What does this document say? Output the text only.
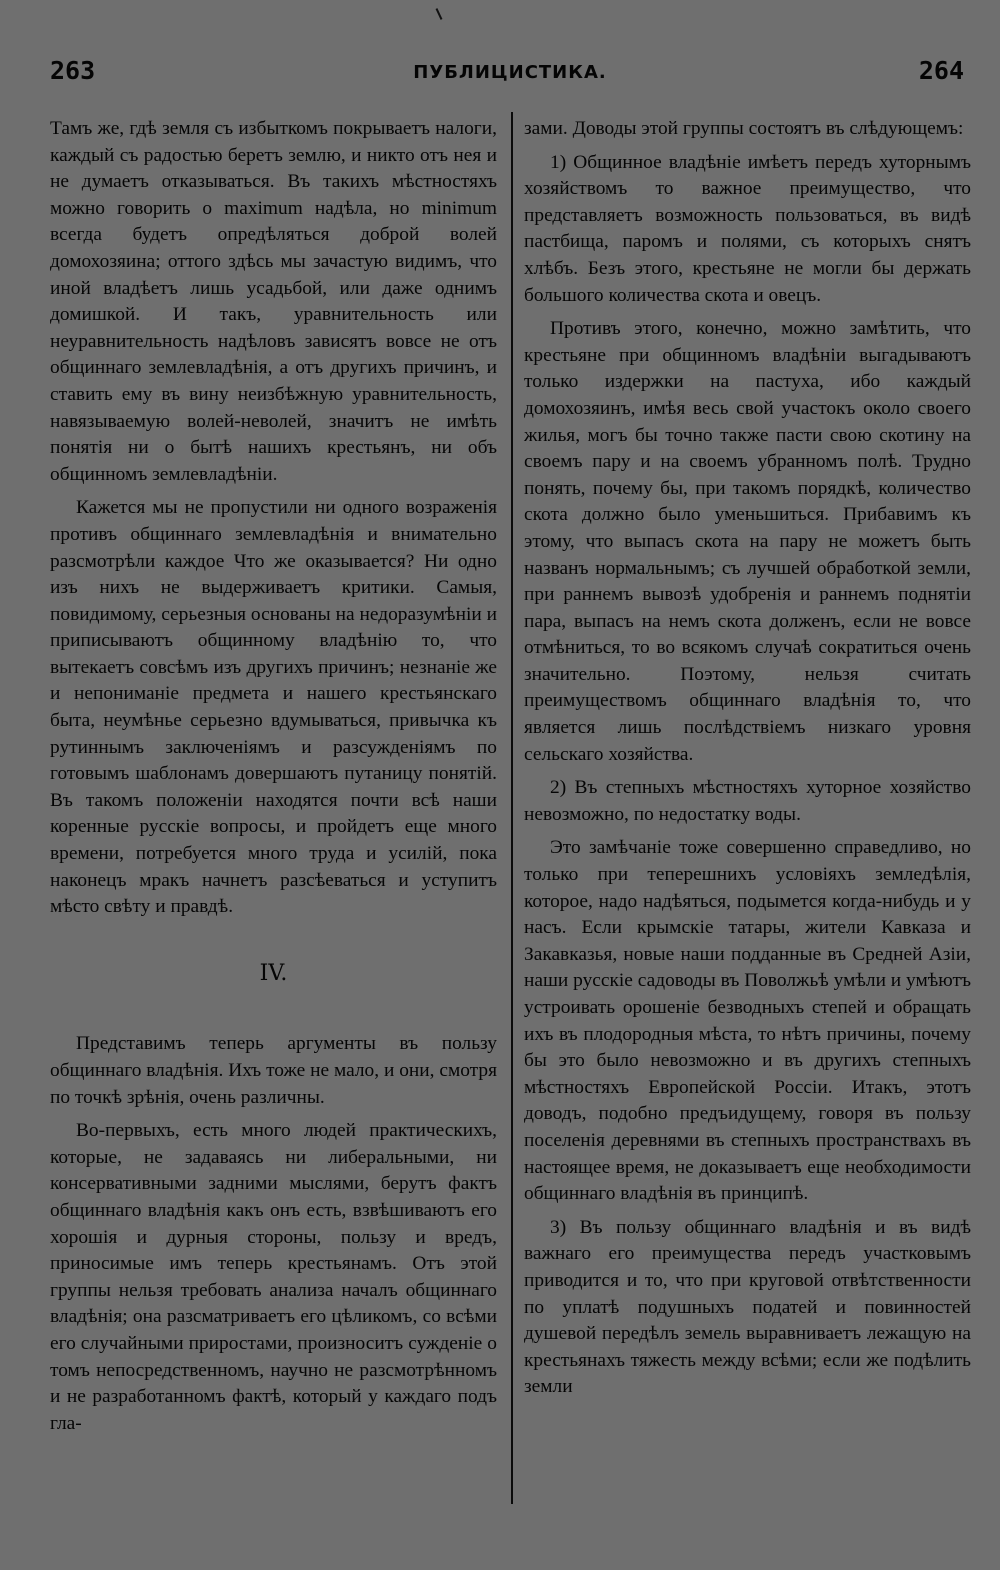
263	ПУБЛИЦИСТИКА.	264

Тамъ же, гдѣ земля съ избыткомъ покрываетъ налоги, каждый съ радостью беретъ землю, и никто отъ нея и не думаетъ отказываться. Въ такихъ мѣстностяхъ можно говорить о maximum надѣла, но minimum всегда будетъ опредѣляться доброй волей домохозяина; оттого здѣсь мы зачастую видимъ, что иной владѣетъ лишь усадьбой, или даже однимъ домишкой. И такъ, уравнительность или неуравнительность надѣловъ зависятъ вовсе не отъ общиннаго землевладѣнія, а отъ другихъ причинъ, и ставить ему въ вину неизбѣжную уравнительность, навязываемую волей-неволей, значитъ не имѣть понятія ни о бытѣ нашихъ крестьянъ, ни объ общинномъ землевладѣніи.

Кажется мы не пропустили ни одного возраженія противъ общиннаго землевладѣнія и внимательно разсмотрѣли каждое Что же оказывается? Ни одно изъ нихъ не выдерживаетъ критики. Самыя, повидимому, серьезныя основаны на недоразумѣніи и приписываютъ общинному владѣнію то, что вытекаетъ совсѣмъ изъ другихъ причинъ; незнаніе же и непониманіе предмета и нашего крестьянскаго быта, неумѣнье серьезно вдумываться, привычка къ рутиннымъ заключеніямъ и разсужденіямъ по готовымъ шаблонамъ довершаютъ путаницу понятій. Въ такомъ положеніи находятся почти всѣ наши коренные русскіе вопросы, и пройдетъ еще много времени, потребуется много труда и усилій, пока наконецъ мракъ начнетъ разсѣеваться и уступитъ мѣсто свѣту и правдѣ.

IV.

Представимъ теперь аргументы въ пользу общиннаго владѣнія. Ихъ тоже не мало, и они, смотря по точкѣ зрѣнія, очень различны.

Во-первыхъ, есть много людей практическихъ, которые, не задаваясь ни либеральными, ни консервативными задними мыслями, берутъ фактъ общиннаго владѣнія какъ онъ есть, взвѣшиваютъ его хорошія и дурныя стороны, пользу и вредъ, приносимые имъ теперь крестьянамъ. Отъ этой группы нельзя требовать анализа началъ общиннаго владѣнія; она разсматриваетъ его цѣликомъ, со всѣми его случайными приростами, произноситъ сужденіе о томъ непосредственномъ, научно не разсмотрѣнномъ и не разработанномъ фактѣ, который у каждаго подъ гла-

зами. Доводы этой группы состоятъ въ слѣдующемъ:

1) Общинное владѣніе имѣетъ передъ хуторнымъ хозяйствомъ то важное преимущество, что представляетъ возможность пользоваться, въ видѣ пастбища, паромъ и полями, съ которыхъ снятъ хлѣбъ. Безъ этого, крестьяне не могли бы держать большого количества скота и овецъ.

Противъ этого, конечно, можно замѣтить, что крестьяне при общинномъ владѣніи выгадываютъ только издержки на пастуха, ибо каждый домохозяинъ, имѣя весь свой участокъ около своего жилья, могъ бы точно также пасти свою скотину на своемъ пару и на своемъ убранномъ полѣ. Трудно понять, почему бы, при такомъ порядкѣ, количество скота должно было уменьшиться. Прибавимъ къ этому, что выпасъ скота на пару не можетъ быть названъ нормальнымъ; съ лучшей обработкой земли, при раннемъ вывозѣ удобренія и раннемъ поднятіи пара, выпасъ на немъ скота долженъ, если не вовсе отмѣниться, то во всякомъ случаѣ сократиться очень значительно. Поэтому, нельзя считать преимуществомъ общиннаго владѣнія то, что является лишь послѣдствіемъ низкаго уровня сельскаго хозяйства.

2) Въ степныхъ мѣстностяхъ хуторное хозяйство невозможно, по недостатку воды.

Это замѣчаніе тоже совершенно справедливо, но только при теперешнихъ условіяхъ земледѣлія, которое, надо надѣяться, подымется когда-нибудь и у насъ. Если крымскіе татары, жители Кавказа и Закавказья, новые наши подданные въ Средней Азіи, наши русскіе садоводы въ Поволжьѣ умѣли и умѣютъ устроивать орошеніе безводныхъ степей и обращать ихъ въ плодородныя мѣста, то нѣтъ причины, почему бы это было невозможно и въ другихъ степныхъ мѣстностяхъ Европейской Россіи. Итакъ, этотъ доводъ, подобно предъидущему, говоря въ пользу поселенія деревнями въ степныхъ пространствахъ въ настоящее время, не доказываетъ еще необходимости общиннаго владѣнія въ принципѣ.

3) Въ пользу общиннаго владѣнія и въ видѣ важнаго его преимущества передъ участковымъ приводится и то, что при круговой отвѣтственности по уплатѣ подушныхъ податей и повинностей душевой передѣлъ земель выравниваетъ лежащую на крестьянахъ тяжесть между всѣми; если же подѣлить земли
